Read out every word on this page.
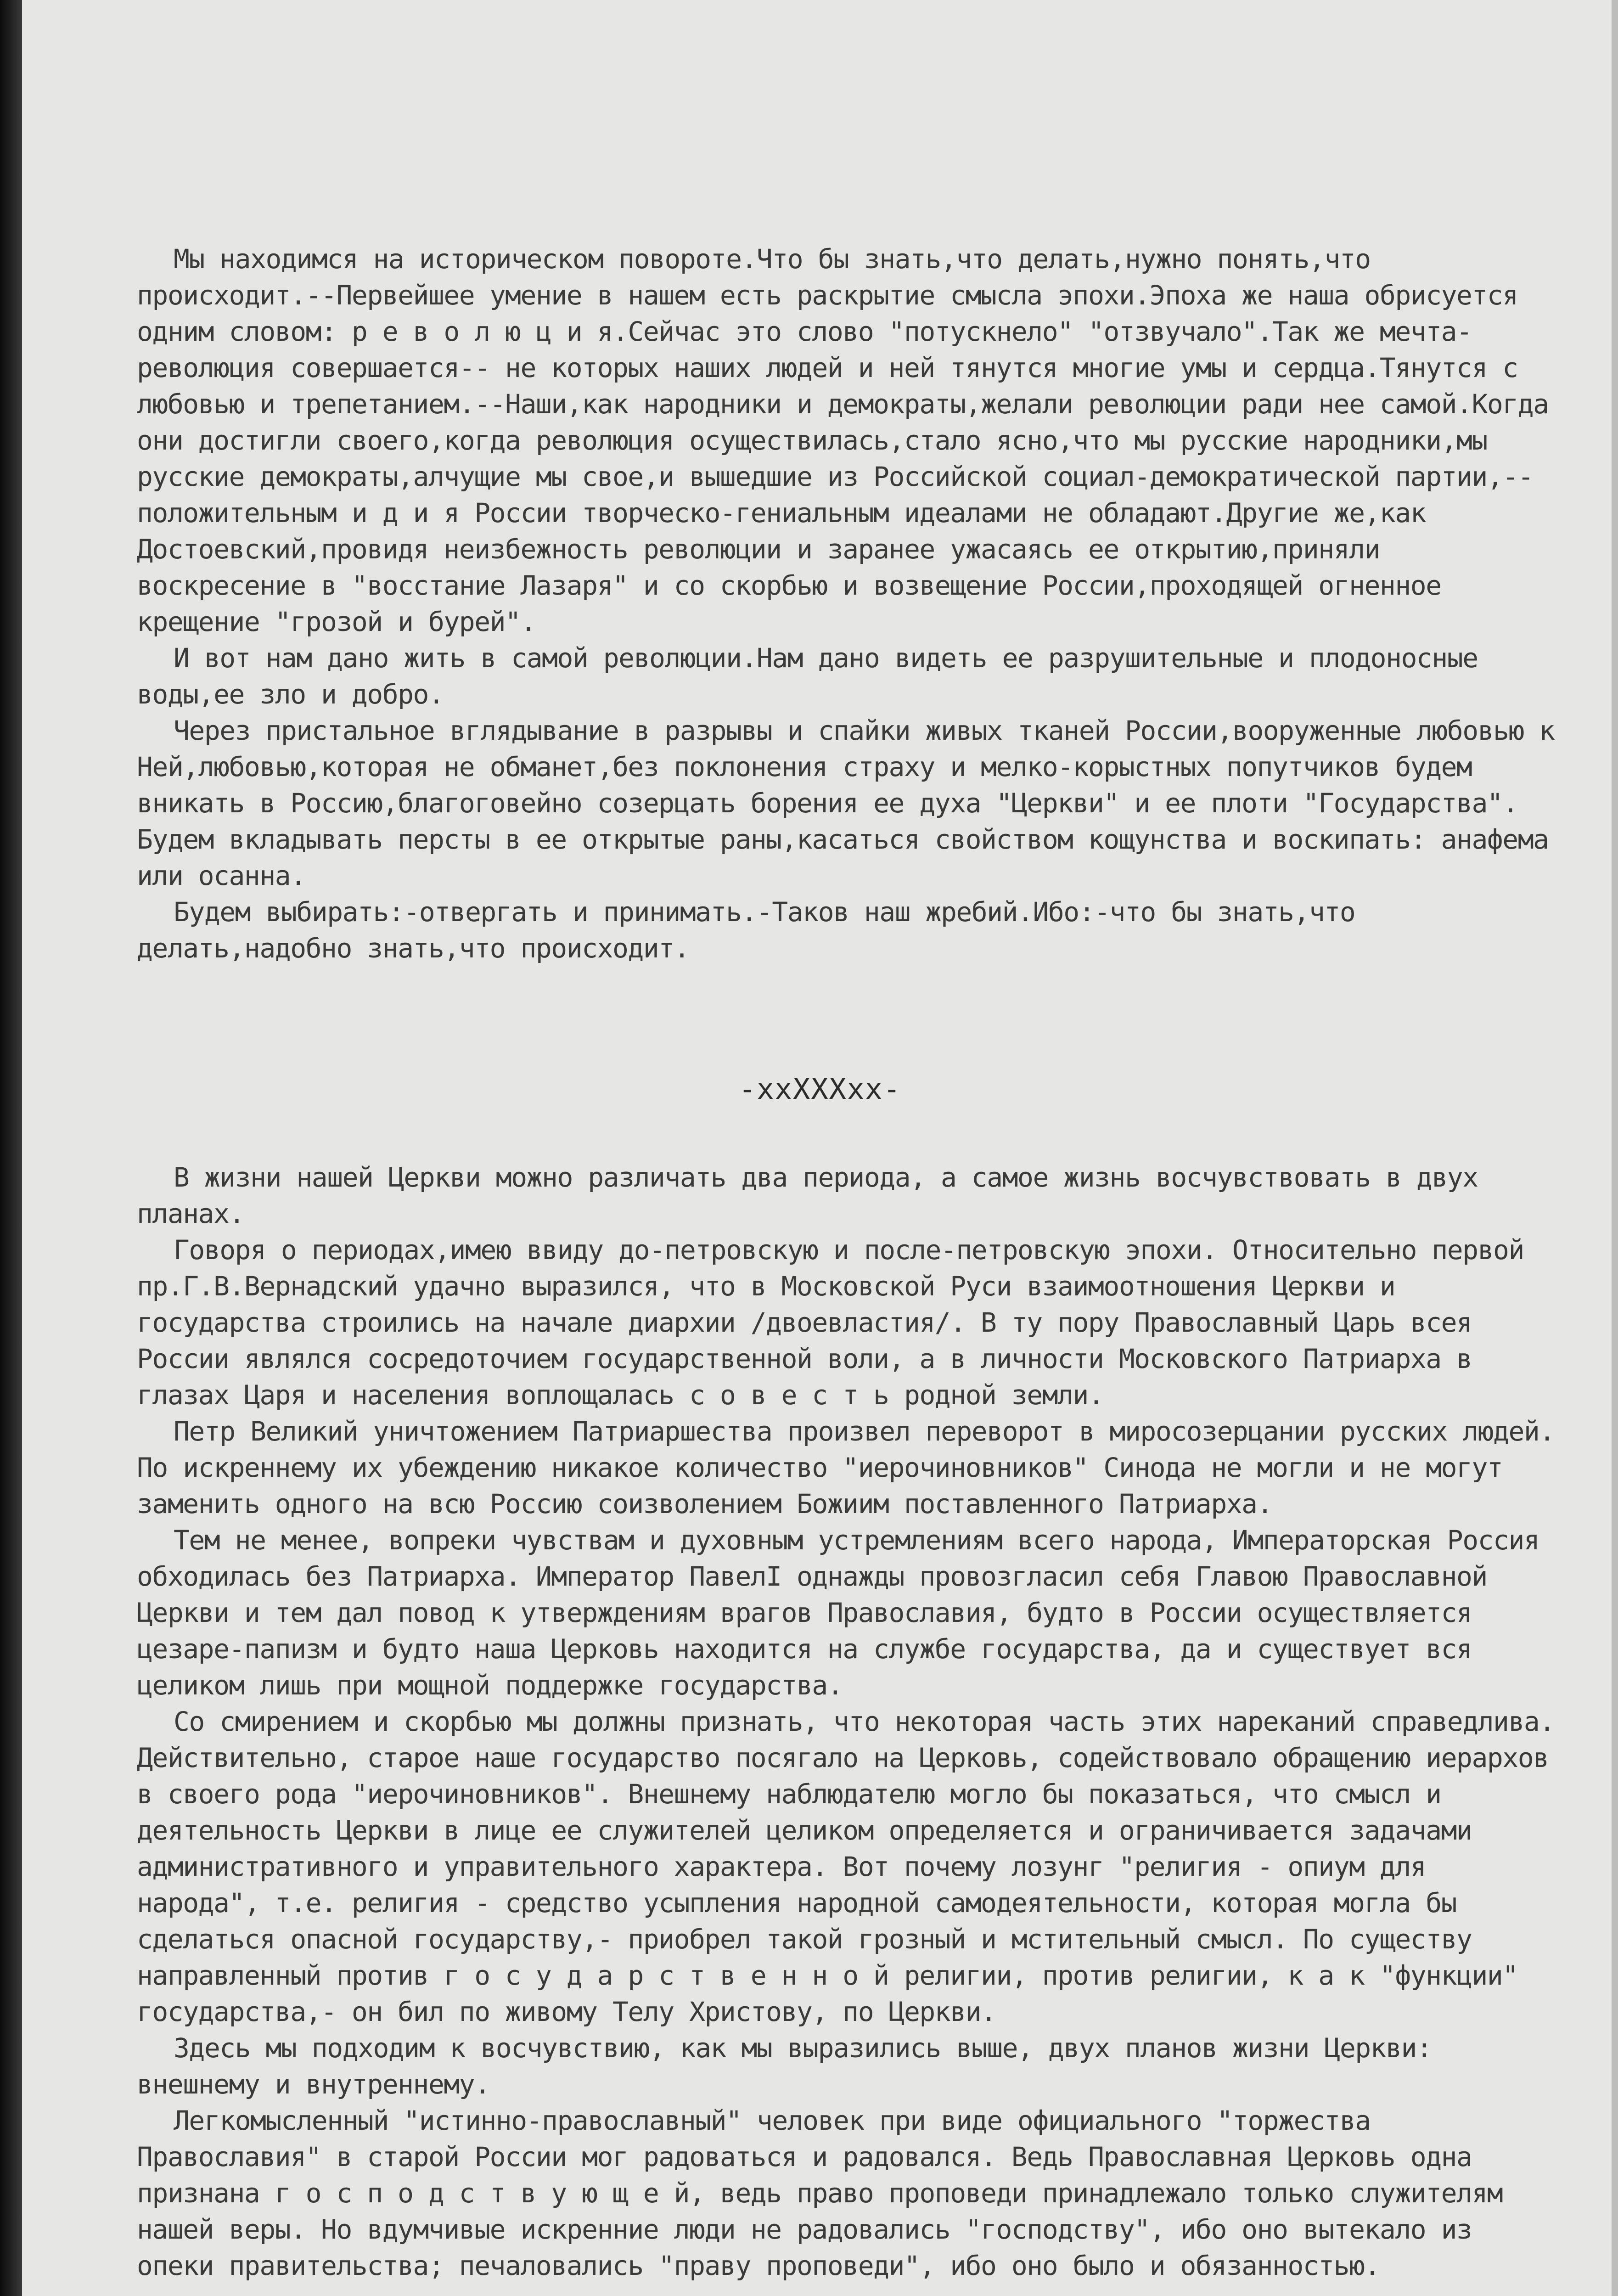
Мы находимся на историческом повороте.Что бы знать,что делать,нужно понять,что происходит.--Первейшее умение в нашем есть раскрытие смысла эпохи.Эпоха же наша обрисуется одним словом: р е в о л ю ц и я.Сейчас это слово "потускнело" "отзвучало".Так же мечта-революция совершается-- не которых наших людей и ней тянутся многие умы и сердца.Тянутся с любовью и трепетанием.--Наши,как народники и демократы,желали революции ради нее самой.Когда они достигли своего,когда революция осуществилась,стало ясно,что мы русские народники,мы русские демократы,алчущие мы свое,и вышедшие из Российской социал-демократической партии,-- положительным и д и я России творческо-гениальным идеалами не обладают.Другие же,как Достоевский,провидя неизбежность революции и заранее ужасаясь ее открытию,приняли воскресение в "восстание Лазаря" и со скорбью и возвещение России,проходящей огненное крещение "грозой и бурей".

И вот нам дано жить в самой революции.Нам дано видеть ее разрушительные и плодоносные воды,ее зло и добро.

Через пристальное вглядывание в разрывы и спайки живых тканей России,вооруженные любовью к Ней,любовью,которая не обманет,без поклонения страху и мелко-корыстных попутчиков будем вникать в Россию,благоговейно созерцать борения ее духа "Церкви" и ее плоти "Государства". Будем вкладывать персты в ее открытые раны,касаться свойством кощунства и воскипать: анафема или осанна.

Будем выбирать:-отвергать и принимать.-Таков наш жребий.Ибо:-что бы знать,что делать,надобно знать,что происходит.

-xxXXXxx-

В жизни нашей Церкви можно различать два периода, а самое жизнь восчувствовать в двух планах.

Говоря о периодах,имею ввиду до-петровскую и после-петровскую эпохи. Относительно первой пр.Г.В.Вернадский удачно выразился, что в Московской Руси взаимоотношения Церкви и государства строились на начале диархии /двоевластия/. В ту пору Православный Царь всея России являлся сосредоточием государственной воли, а в личности Московского Патриарха в глазах Царя и населения воплощалась с о в е с т ь родной земли.

Петр Великий уничтожением Патриаршества произвел переворот в миросозерцании русских людей. По искреннему их убеждению никакое количество "иерочиновников" Синода не могли и не могут заменить одного на всю Россию соизволением Божиим поставленного Патриарха.

Тем не менее, вопреки чувствам и духовным устремлениям всего народа, Императорская Россия обходилась без Патриарха. Император ПавелI однажды провозгласил себя Главою Православной Церкви и тем дал повод к утверждениям врагов Православия, будто в России осуществляется цезаре-папизм и будто наша Церковь находится на службе государства, да и существует вся целиком лишь при мощной поддержке государства.

Со смирением и скорбью мы должны признать, что некоторая часть этих нареканий справедлива. Действительно, старое наше государство посягало на Церковь, содействовало обращению иерархов в своего рода "иерочиновников". Внешнему наблюдателю могло бы показаться, что смысл и деятельность Церкви в лице ее служителей целиком определяется и ограничивается задачами административного и управительного характера. Вот почему лозунг "религия - опиум для народа", т.е. религия - средство усыпления народной самодеятельности, которая могла бы сделаться опасной государству,- приобрел такой грозный и мстительный смысл. По существу направленный против г о с у д а р с т в е н н о й религии, против религии, к а к "функции" государства,- он бил по живому Телу Христову, по Церкви.

Здесь мы подходим к восчувствию, как мы выразились выше, двух планов жизни Церкви: внешнему и внутреннему.

Легкомысленный "истинно-православный" человек при виде официального "торжества Православия" в старой России мог радоваться и радовался. Ведь Православная Церковь одна признана г о с п о д с т в у ю щ е й, ведь право проповеди принадлежало только служителям нашей веры. Но вдумчивые искренние люди не радовались "господству", ибо оно вытекало из опеки правительства; печаловались "праву проповеди", ибо оно было и обязанностью.
